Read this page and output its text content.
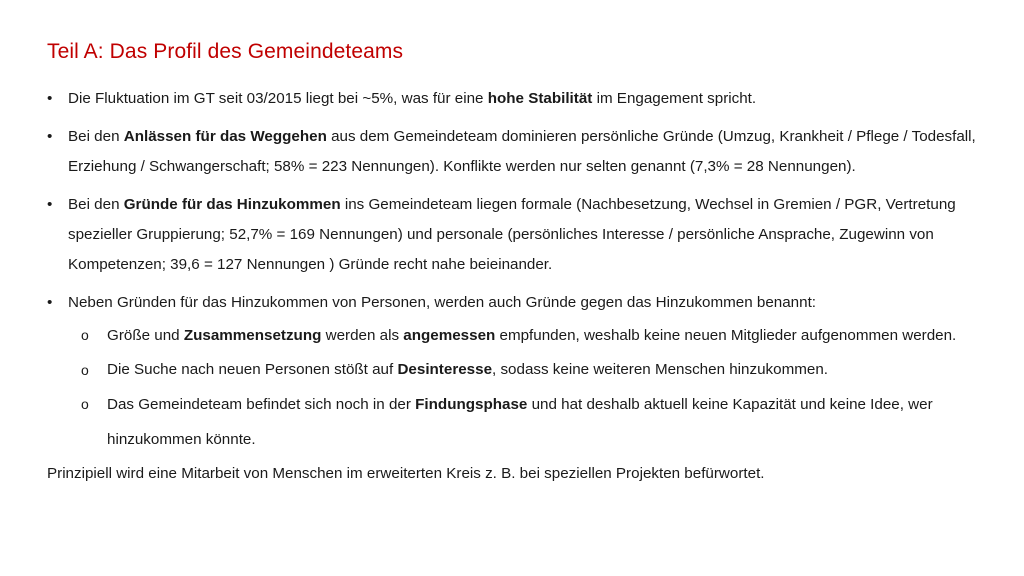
Teil A: Das Profil des Gemeindeteams
•	Die Fluktuation im GT seit 03/2015 liegt bei ~5%, was für eine hohe Stabilität im Engagement spricht.
•	Bei den Anlässen für das Weggehen aus dem Gemeindeteam dominieren persönliche Gründe (Umzug, Krankheit / Pflege / Todesfall, Erziehung / Schwangerschaft; 58% = 223 Nennungen). Konflikte werden nur selten genannt (7,3% = 28 Nennungen).
•	Bei den Gründe für das Hinzukommen ins Gemeindeteam liegen formale (Nachbesetzung, Wechsel in Gremien / PGR, Vertretung spezieller Gruppierung; 52,7% = 169 Nennungen) und personale (persönliches Interesse / persönliche Ansprache, Zugewinn von Kompetenzen; 39,6 = 127 Nennungen ) Gründe recht nahe beieinander.
•	Neben Gründen für das Hinzukommen von Personen, werden auch Gründe gegen das Hinzukommen benannt:
o Größe und Zusammensetzung werden als angemessen empfunden, weshalb keine neuen Mitglieder aufgenommen werden.
o Die Suche nach neuen Personen stößt auf Desinteresse, sodass keine weiteren Menschen hinzukommen.
o Das Gemeindeteam befindet sich noch in der Findungsphase und hat deshalb aktuell keine Kapazität und keine Idee, wer hinzukommen könnte.
Prinzipiell wird eine Mitarbeit von Menschen im erweiterten Kreis z. B. bei speziellen Projekten befürwortet.
